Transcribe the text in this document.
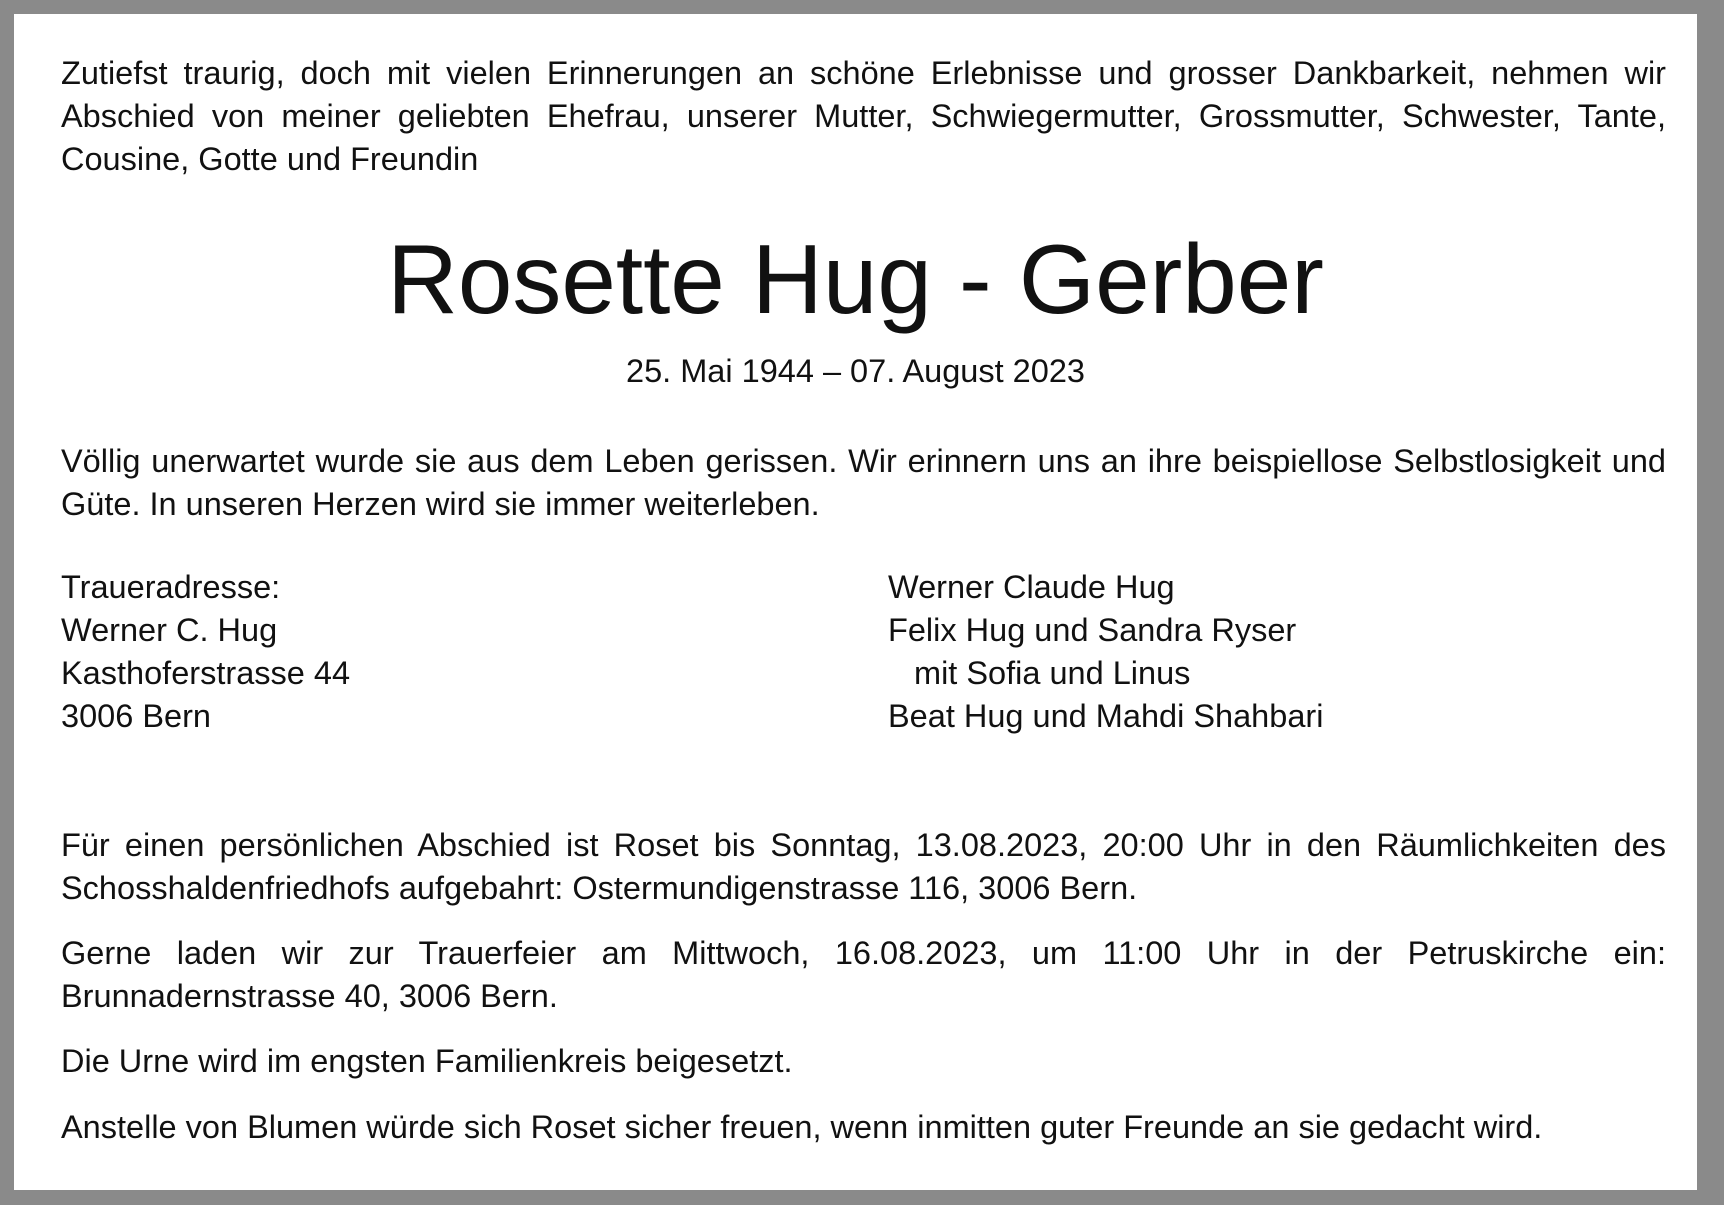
Zutiefst traurig, doch mit vielen Erinnerungen an schöne Erlebnisse und grosser Dankbarkeit, nehmen wir Abschied von meiner geliebten Ehefrau, unserer Mutter, Schwiegermutter, Grossmutter, Schwester, Tante, Cousine, Gotte und Freundin

Rosette Hug - Gerber
25. Mai 1944 – 07. August 2023

Völlig unerwartet wurde sie aus dem Leben gerissen. Wir erinnern uns an ihre beispiellose Selbstlosigkeit und Güte. In unseren Herzen wird sie immer weiterleben.

Traueradresse:
Werner C. Hug
Kasthoferstrasse 44
3006 Bern
Werner Claude Hug
Felix Hug und Sandra Ryser
mit Sofia und Linus
Beat Hug und Mahdi Shahbari

Für einen persönlichen Abschied ist Roset bis Sonntag, 13.08.2023, 20:00 Uhr in den Räumlichkeiten des Schosshaldenfriedhofs aufgebahrt: Ostermundigenstrasse 116, 3006 Bern.

Gerne laden wir zur Trauerfeier am Mittwoch, 16.08.2023, um 11:00 Uhr in der Petruskirche ein: Brunnadernstrasse 40, 3006 Bern.

Die Urne wird im engsten Familienkreis beigesetzt.

Anstelle von Blumen würde sich Roset sicher freuen, wenn inmitten guter Freunde an sie gedacht wird.
